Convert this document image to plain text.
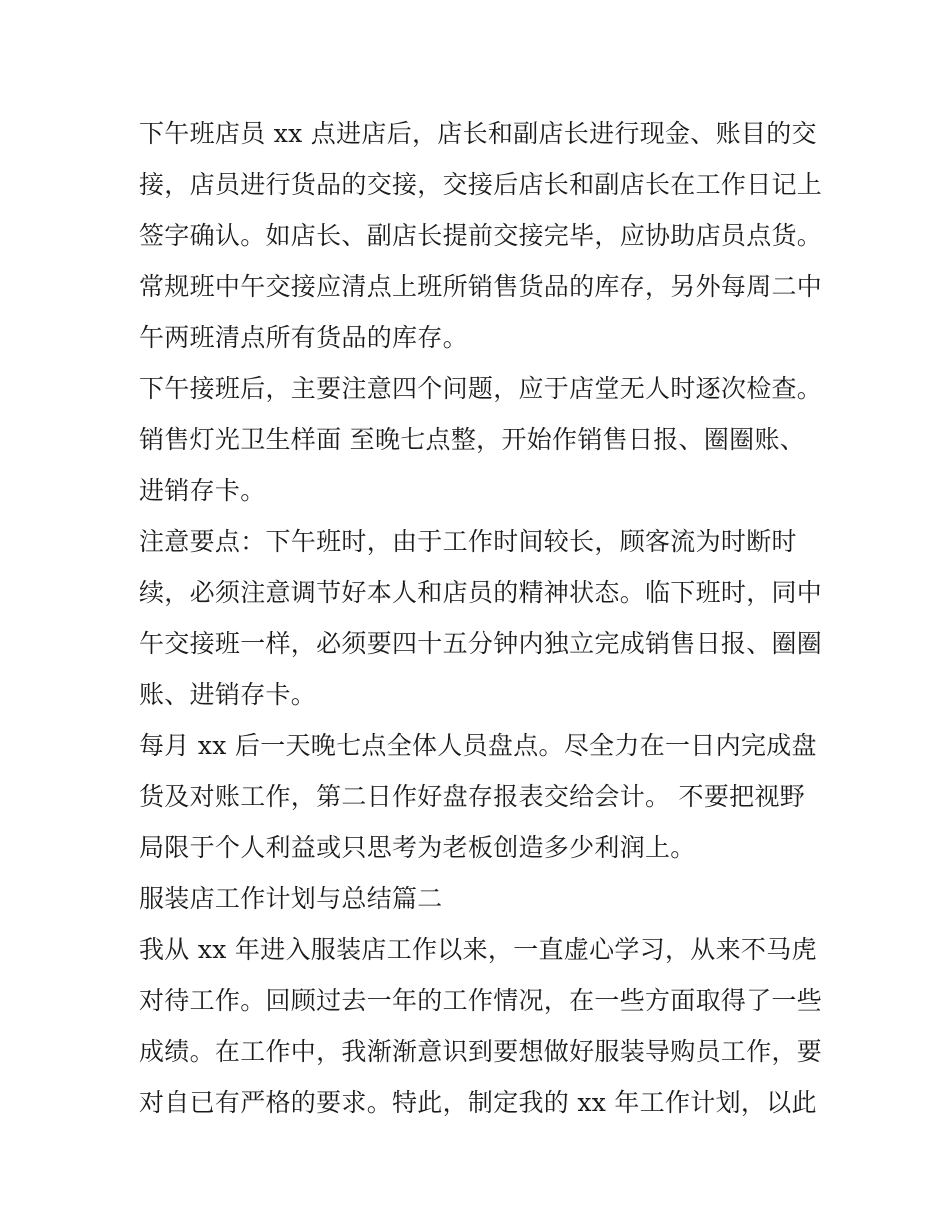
下午班店员 xx 点进店后，店长和副店长进行现金、账目的交
接，店员进行货品的交接，交接后店长和副店长在工作日记上
签字确认。如店长、副店长提前交接完毕，应协助店员点货。

常规班中午交接应清点上班所销售货品的库存，另外每周二中
午两班清点所有货品的库存。

下午接班后，主要注意四个问题，应于店堂无人时逐次检查。

销售灯光卫生样面 至晚七点整，开始作销售日报、圈圈账、
进销存卡。

注意要点：下午班时，由于工作时间较长，顾客流为时断时
续，必须注意调节好本人和店员的精神状态。临下班时，同中
午交接班一样，必须要四十五分钟内独立完成销售日报、圈圈
账、进销存卡。

每月 xx 后一天晚七点全体人员盘点。尽全力在一日内完成盘
货及对账工作，第二日作好盘存报表交给会计。 不要把视野
局限于个人利益或只思考为老板创造多少利润上。

服装店工作计划与总结篇二

我从 xx 年进入服装店工作以来，一直虚心学习，从来不马虎
对待工作。回顾过去一年的工作情况，在一些方面取得了一些
成绩。在工作中，我渐渐意识到要想做好服装导购员工作，要
对自已有严格的要求。特此，制定我的 xx 年工作计划，以此
